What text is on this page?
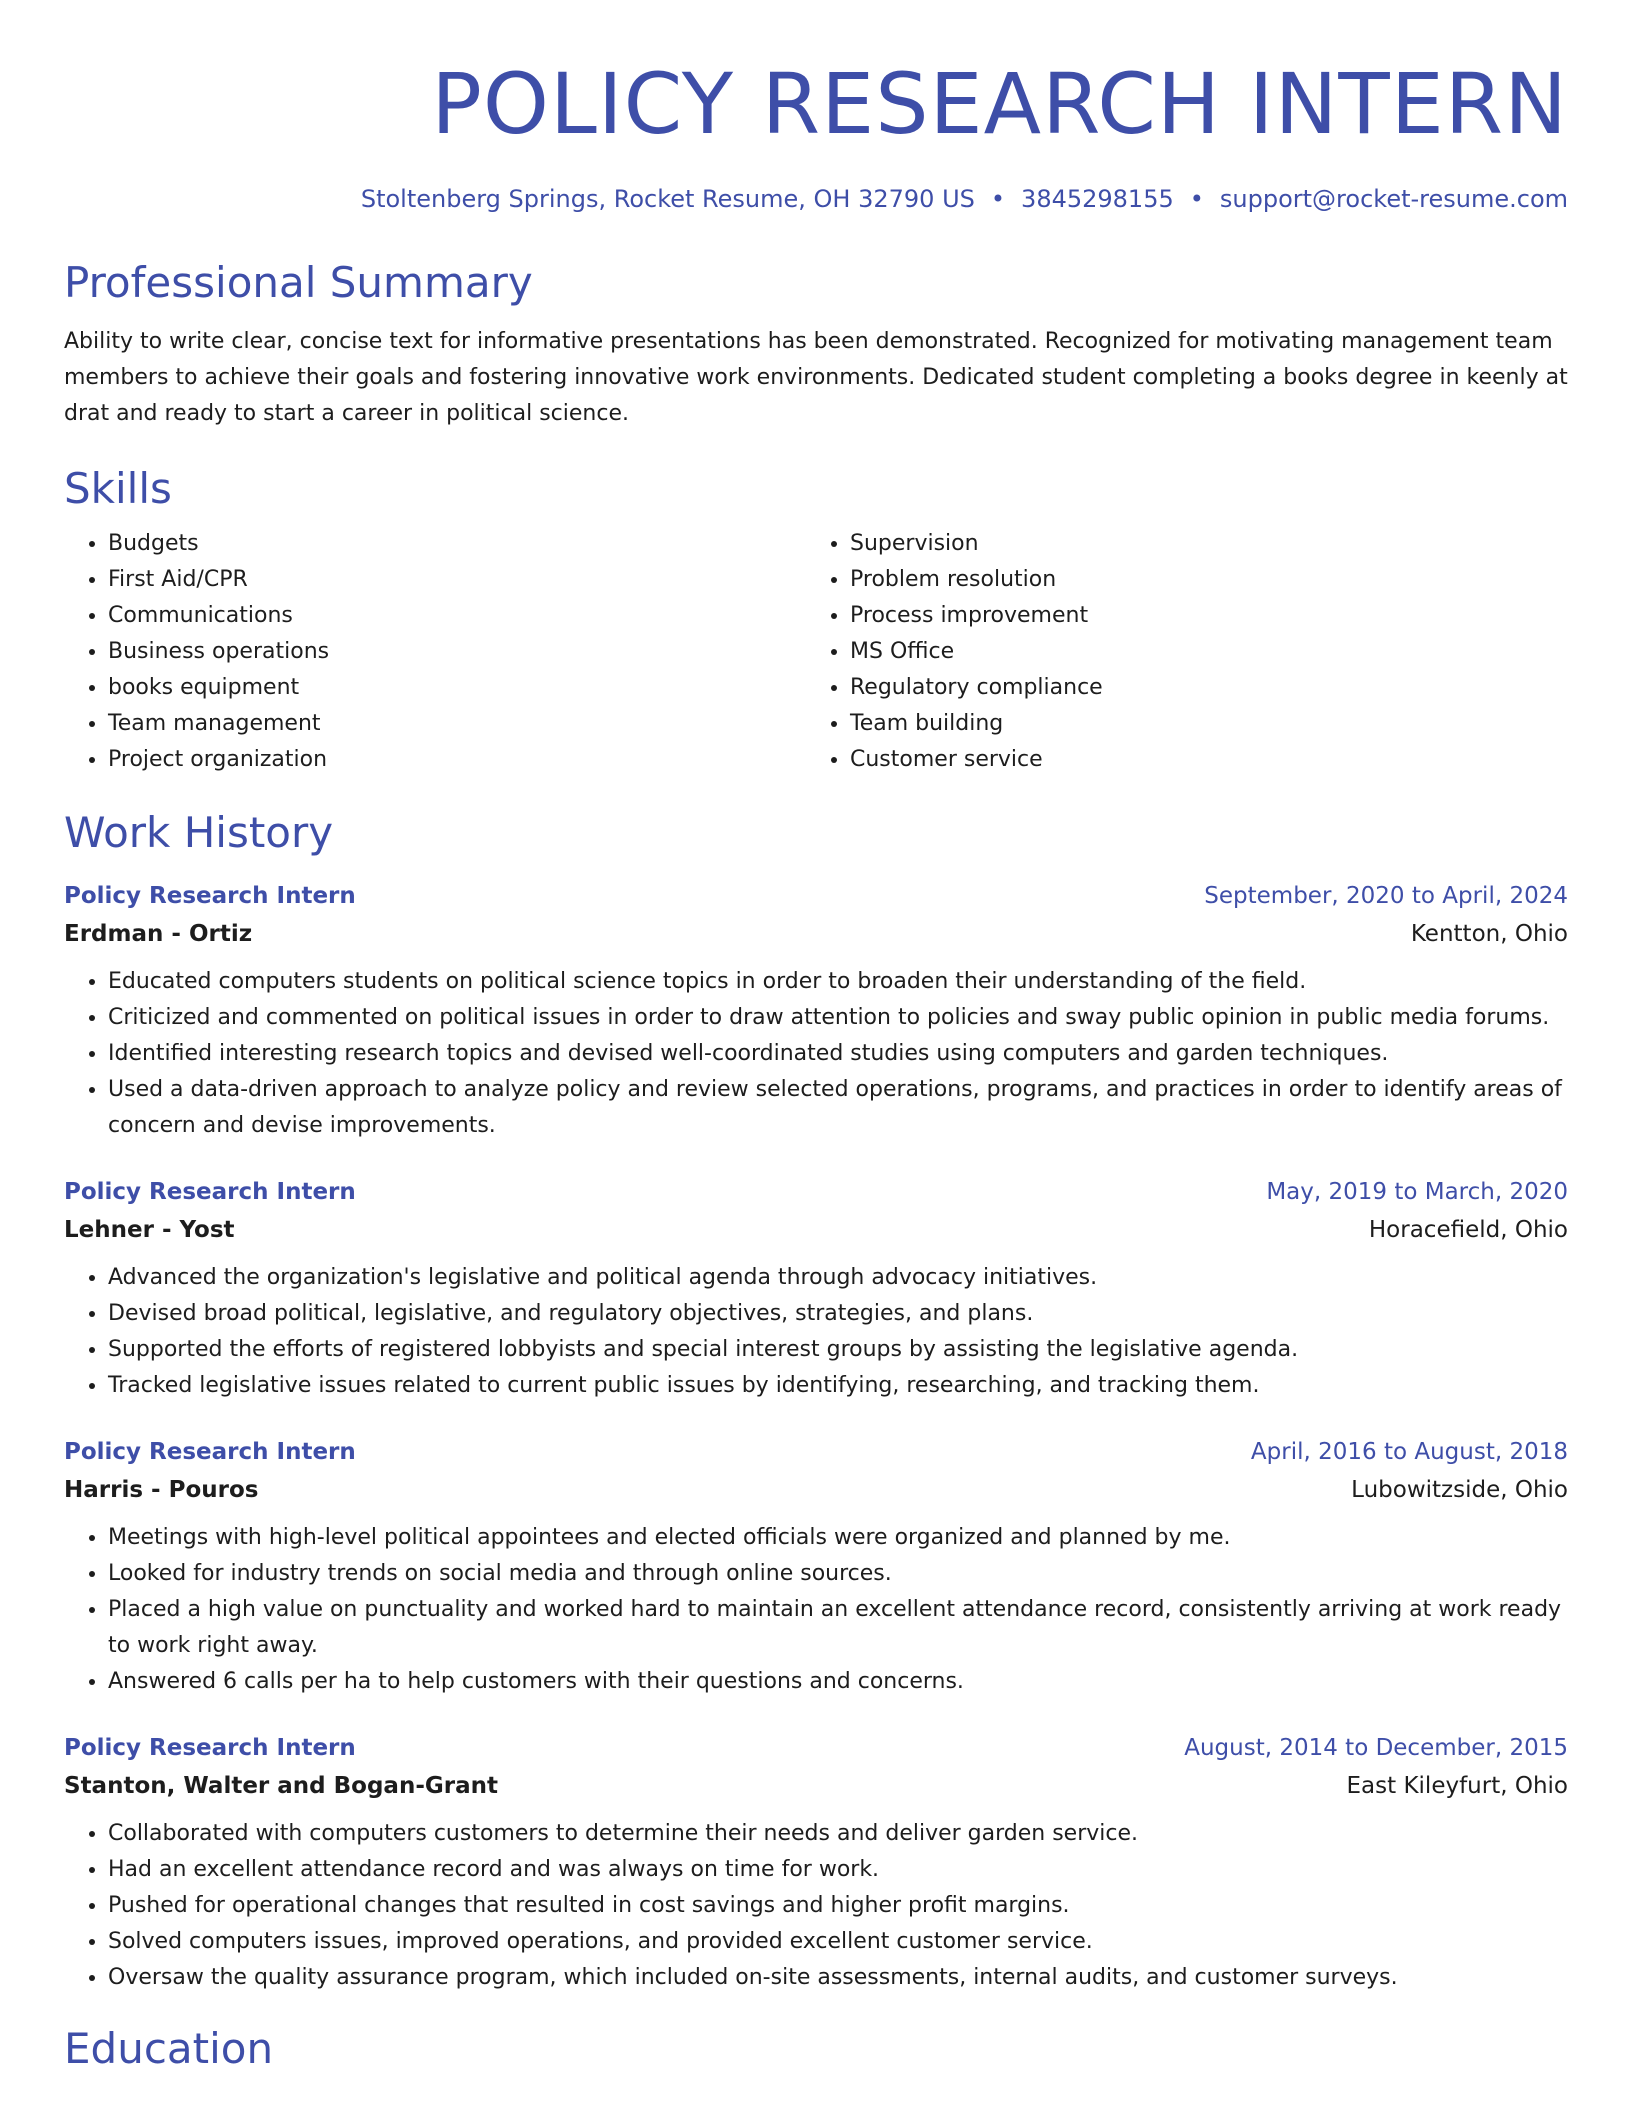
POLICY RESEARCH INTERN
Stoltenberg Springs, Rocket Resume, OH 32790 US • 3845298155 • support@rocket-resume.com
Professional Summary

Ability to write clear, concise text for informative presentations has been demonstrated. Recognized for motivating management team members to achieve their goals and fostering innovative work environments. Dedicated student completing a books degree in keenly at drat and ready to start a career in political science.

Skills
• Budgets
• First Aid/CPR
• Communications
• Business operations
• books equipment
• Team management
• Project organization
• Supervision
• Problem resolution
• Process improvement
• MS Office
• Regulatory compliance
• Team building
• Customer service
Work History
Policy Research Intern	September, 2020 to April, 2024
Erdman - Ortiz	Kentton, Ohio
• Educated computers students on political science topics in order to broaden their understanding of the field.
• Criticized and commented on political issues in order to draw attention to policies and sway public opinion in public media forums.
• Identified interesting research topics and devised well-coordinated studies using computers and garden techniques.
• Used a data-driven approach to analyze policy and review selected operations, programs, and practices in order to identify areas of concern and devise improvements.
Policy Research Intern	May, 2019 to March, 2020
Lehner - Yost	Horacefield, Ohio
• Advanced the organization's legislative and political agenda through advocacy initiatives.
• Devised broad political, legislative, and regulatory objectives, strategies, and plans.
• Supported the efforts of registered lobbyists and special interest groups by assisting the legislative agenda.
• Tracked legislative issues related to current public issues by identifying, researching, and tracking them.
Policy Research Intern	April, 2016 to August, 2018
Harris - Pouros	Lubowitzside, Ohio
• Meetings with high-level political appointees and elected officials were organized and planned by me.
• Looked for industry trends on social media and through online sources.
• Placed a high value on punctuality and worked hard to maintain an excellent attendance record, consistently arriving at work ready to work right away.
• Answered 6 calls per ha to help customers with their questions and concerns.
Policy Research Intern	August, 2014 to December, 2015
Stanton, Walter and Bogan-Grant	East Kileyfurt, Ohio
• Collaborated with computers customers to determine their needs and deliver garden service.
• Had an excellent attendance record and was always on time for work.
• Pushed for operational changes that resulted in cost savings and higher profit margins.
• Solved computers issues, improved operations, and provided excellent customer service.
• Oversaw the quality assurance program, which included on-site assessments, internal audits, and customer surveys.
Education
